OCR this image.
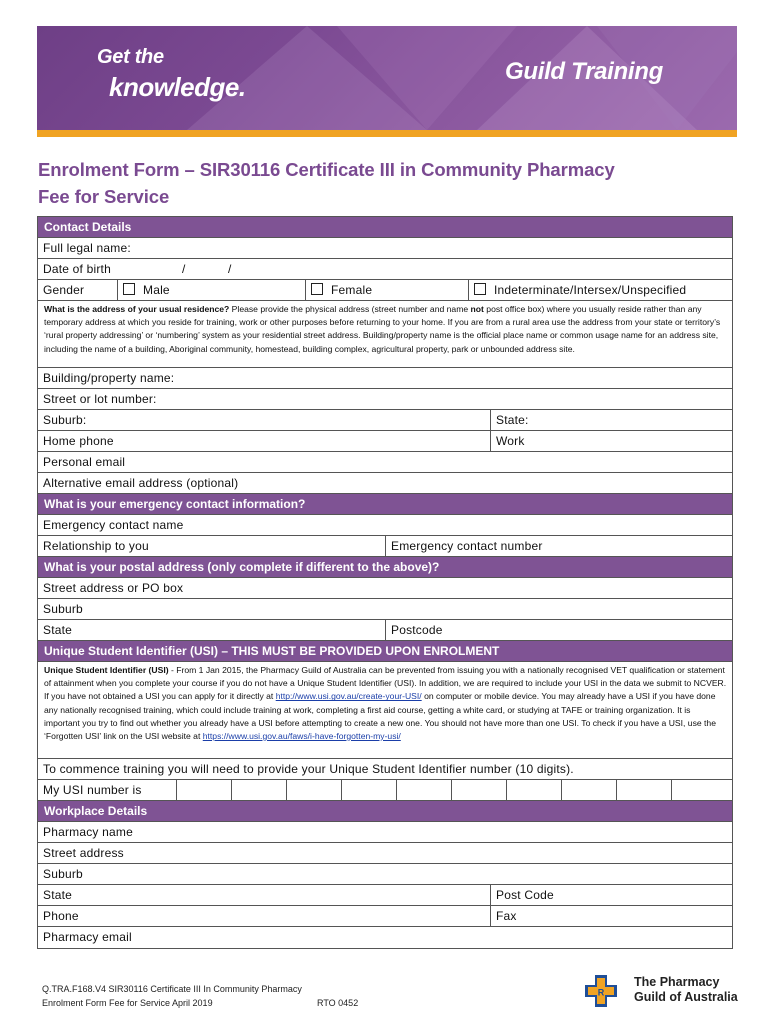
Get the
knowledge.
Guild Training
Enrolment Form – SIR30116 Certificate III in Community Pharmacy
Fee for Service
Contact Details
Full legal name:
Date of birth	/	/
Gender	Male	Female	Indeterminate/Intersex/Unspecified
What is the address of your usual residence? Please provide the physical address (street number and name not post office box) where you usually reside rather than any temporary address at which you reside for training, work or other purposes before returning to your home. If you are from a rural area use the address from your state or territory’s ‘rural property addressing’ or ‘numbering’ system as your residential street address. Building/property name is the official place name or common usage name for an address site, including the name of a building, Aboriginal community, homestead, building complex, agricultural property, park or unbounded address site.
Building/property name:
Street or lot number:
Suburb:	State:
Home phone	Work
Personal email
Alternative email address (optional)
What is your emergency contact information?
Emergency contact name
Relationship to you	Emergency contact number
What is your postal address (only complete if different to the above)?
Street address or PO box
Suburb
State	Postcode
Unique Student Identifier (USI) – THIS MUST BE PROVIDED UPON ENROLMENT
Unique Student Identifier (USI) - From 1 Jan 2015, the Pharmacy Guild of Australia can be prevented from issuing you with a nationally recognised VET qualification or statement of attainment when you complete your course if you do not have a Unique Student Identifier (USI). In addition, we are required to include your USI in the data we submit to NCVER. If you have not obtained a USI you can apply for it directly at http://www.usi.gov.au/create-your-USI/ on computer or mobile device. You may already have a USI if you have done any nationally recognised training, which could include training at work, completing a first aid course, getting a white card, or studying at TAFE or training organization. It is important you try to find out whether you already have a USI before attempting to create a new one. You should not have more than one USI. To check if you have a USI, use the ‘Forgotten USI’ link on the USI website at https://www.usi.gov.au/faws/i-have-forgotten-my-usi/
To commence training you will need to provide your Unique Student Identifier number (10 digits).
My USI number is
Workplace Details
Pharmacy name
Street address
Suburb
State	Post Code
Phone	Fax
Pharmacy email
Q.TRA.F168.V4 SIR30116 Certificate III In Community Pharmacy
Enrolment Form Fee for Service April 2019	RTO 0452
R
The Pharmacy
Guild of Australia
